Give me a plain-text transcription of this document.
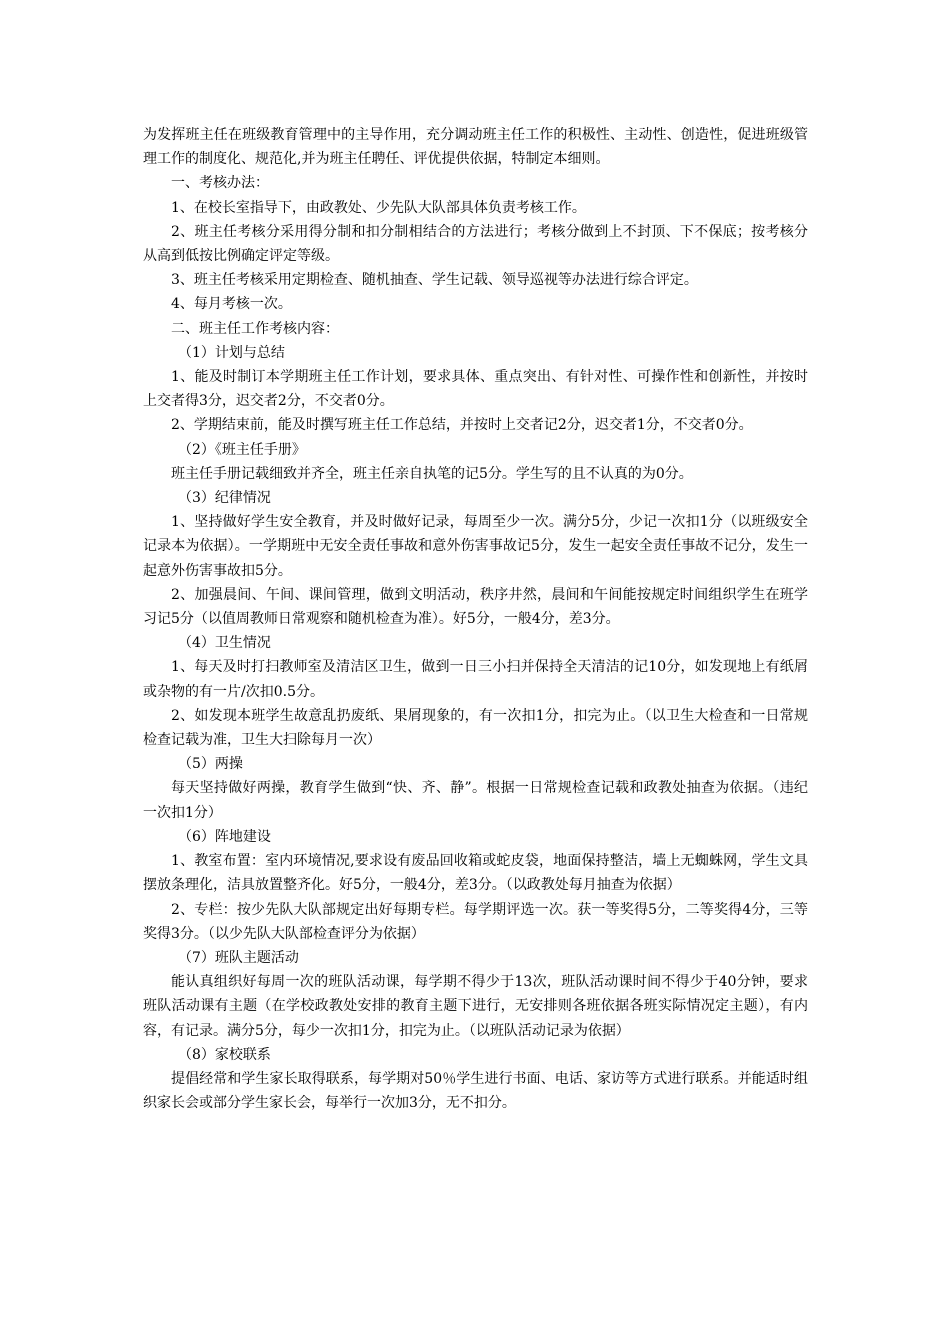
为发挥班主任在班级教育管理中的主导作用，充分调动班主任工作的积极性、主动性、创造性，促进班级管理工作的制度化、规范化,并为班主任聘任、评优提供依据，特制定本细则。

一、考核办法：

1、在校长室指导下，由政教处、少先队大队部具体负责考核工作。

2、班主任考核分采用得分制和扣分制相结合的方法进行；考核分做到上不封顶、下不保底；按考核分从高到低按比例确定评定等级。

3、班主任考核采用定期检查、随机抽查、学生记载、领导巡视等办法进行综合评定。

4、每月考核一次。

二、班主任工作考核内容：

（1）计划与总结

1、能及时制订本学期班主任工作计划，要求具体、重点突出、有针对性、可操作性和创新性，并按时上交者得3分，迟交者2分，不交者0分。

2、学期结束前，能及时撰写班主任工作总结，并按时上交者记2分，迟交者1分，不交者0分。

（2）《班主任手册》

班主任手册记载细致并齐全，班主任亲自执笔的记5分。学生写的且不认真的为0分。

（3）纪律情况

1、坚持做好学生安全教育，并及时做好记录，每周至少一次。满分5分，少记一次扣1分（以班级安全记录本为依据）。一学期班中无安全责任事故和意外伤害事故记5分，发生一起安全责任事故不记分，发生一起意外伤害事故扣5分。

2、加强晨间、午间、课间管理，做到文明活动，秩序井然，晨间和午间能按规定时间组织学生在班学习记5分（以值周教师日常观察和随机检查为准）。好5分，一般4分，差3分。

（4）卫生情况

1、每天及时打扫教师室及清洁区卫生，做到一日三小扫并保持全天清洁的记10分，如发现地上有纸屑或杂物的有一片/次扣0.5分。

2、如发现本班学生故意乱扔废纸、果屑现象的，有一次扣1分，扣完为止。（以卫生大检查和一日常规检查记载为准，卫生大扫除每月一次）

（5）两操

每天坚持做好两操，教育学生做到“快、齐、静”。根据一日常规检查记载和政教处抽查为依据。（违纪一次扣1分）

（6）阵地建设

1、教室布置：室内环境情况,要求设有废品回收箱或蛇皮袋，地面保持整洁，墙上无蜘蛛网，学生文具摆放条理化，洁具放置整齐化。好5分，一般4分，差3分。（以政教处每月抽查为依据）

2、专栏：按少先队大队部规定出好每期专栏。每学期评选一次。获一等奖得5分，二等奖得4分，三等奖得3分。（以少先队大队部检查评分为依据）

（7）班队主题活动

能认真组织好每周一次的班队活动课，每学期不得少于13次，班队活动课时间不得少于40分钟，要求班队活动课有主题（在学校政教处安排的教育主题下进行，无安排则各班依据各班实际情况定主题），有内容，有记录。满分5分，每少一次扣1分，扣完为止。（以班队活动记录为依据）

（8）家校联系

提倡经常和学生家长取得联系，每学期对50％学生进行书面、电话、家访等方式进行联系。并能适时组织家长会或部分学生家长会，每举行一次加3分，无不扣分。
